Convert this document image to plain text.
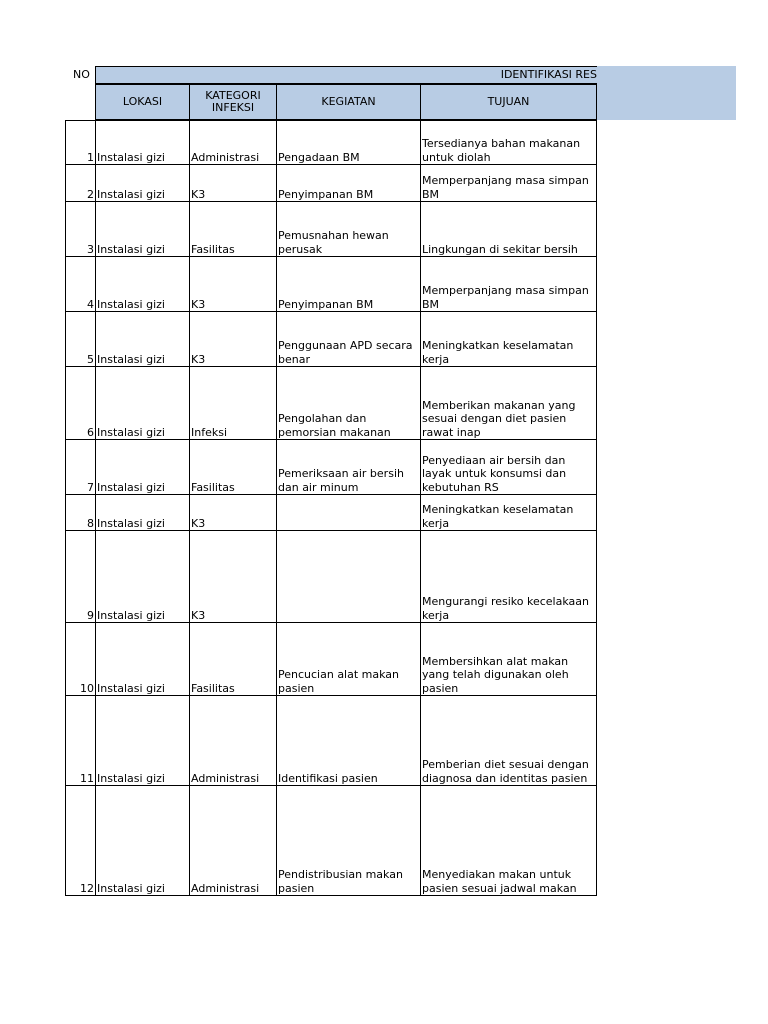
NO	IDENTIFIKASI RES
LOKASI	KATEGORI INFEKSI	KEGIATAN	TUJUAN
1	Instalasi gizi	Administrasi	Pengadaan BM	Tersedianya bahan makanan untuk diolah
2	Instalasi gizi	K3	Penyimpanan BM	Memperpanjang masa simpan BM
3	Instalasi gizi	Fasilitas	Pemusnahan hewan perusak	Lingkungan di sekitar bersih
4	Instalasi gizi	K3	Penyimpanan BM	Memperpanjang masa simpan BM
5	Instalasi gizi	K3	Penggunaan APD secara benar	Meningkatkan keselamatan kerja
6	Instalasi gizi	Infeksi	Pengolahan dan pemorsian makanan	Memberikan makanan yang sesuai dengan diet pasien rawat inap
7	Instalasi gizi	Fasilitas	Pemeriksaan air bersih dan air minum	Penyediaan air bersih dan layak untuk konsumsi dan kebutuhan RS
8	Instalasi gizi	K3		Meningkatkan keselamatan kerja
9	Instalasi gizi	K3		Mengurangi resiko kecelakaan kerja
10	Instalasi gizi	Fasilitas	Pencucian alat makan pasien	Membersihkan alat makan yang telah digunakan oleh pasien
11	Instalasi gizi	Administrasi	Identifikasi pasien	Pemberian diet sesuai dengan diagnosa dan identitas pasien
12	Instalasi gizi	Administrasi	Pendistribusian makan pasien	Menyediakan makan untuk pasien sesuai jadwal makan
